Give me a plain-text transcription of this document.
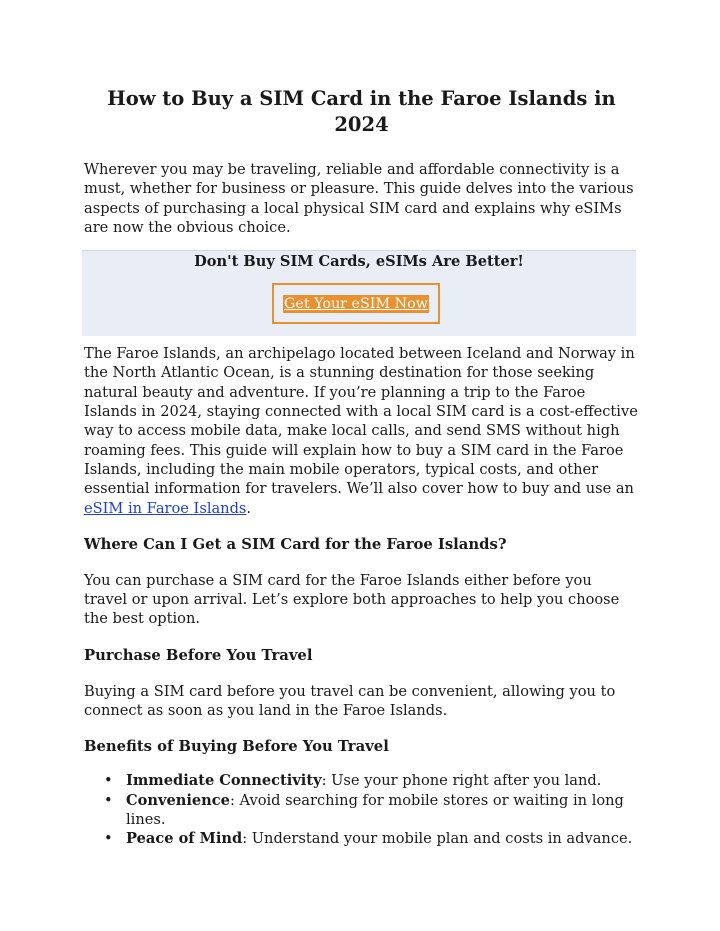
How to Buy a SIM Card in the Faroe Islands in 2024

Wherever you may be traveling, reliable and affordable connectivity is a must, whether for business or pleasure. This guide delves into the various aspects of purchasing a local physical SIM card and explains why eSIMs are now the obvious choice.

Don't Buy SIM Cards, eSIMs Are Better!
Get Your eSIM Now

The Faroe Islands, an archipelago located between Iceland and Norway in the North Atlantic Ocean, is a stunning destination for those seeking natural beauty and adventure. If you’re planning a trip to the Faroe Islands in 2024, staying connected with a local SIM card is a cost-effective way to access mobile data, make local calls, and send SMS without high roaming fees. This guide will explain how to buy a SIM card in the Faroe Islands, including the main mobile operators, typical costs, and other essential information for travelers. We’ll also cover how to buy and use an eSIM in Faroe Islands.

Where Can I Get a SIM Card for the Faroe Islands?

You can purchase a SIM card for the Faroe Islands either before you travel or upon arrival. Let’s explore both approaches to help you choose the best option.

Purchase Before You Travel

Buying a SIM card before you travel can be convenient, allowing you to connect as soon as you land in the Faroe Islands.

Benefits of Buying Before You Travel
• Immediate Connectivity: Use your phone right after you land.
• Convenience: Avoid searching for mobile stores or waiting in long lines.
• Peace of Mind: Understand your mobile plan and costs in advance.
